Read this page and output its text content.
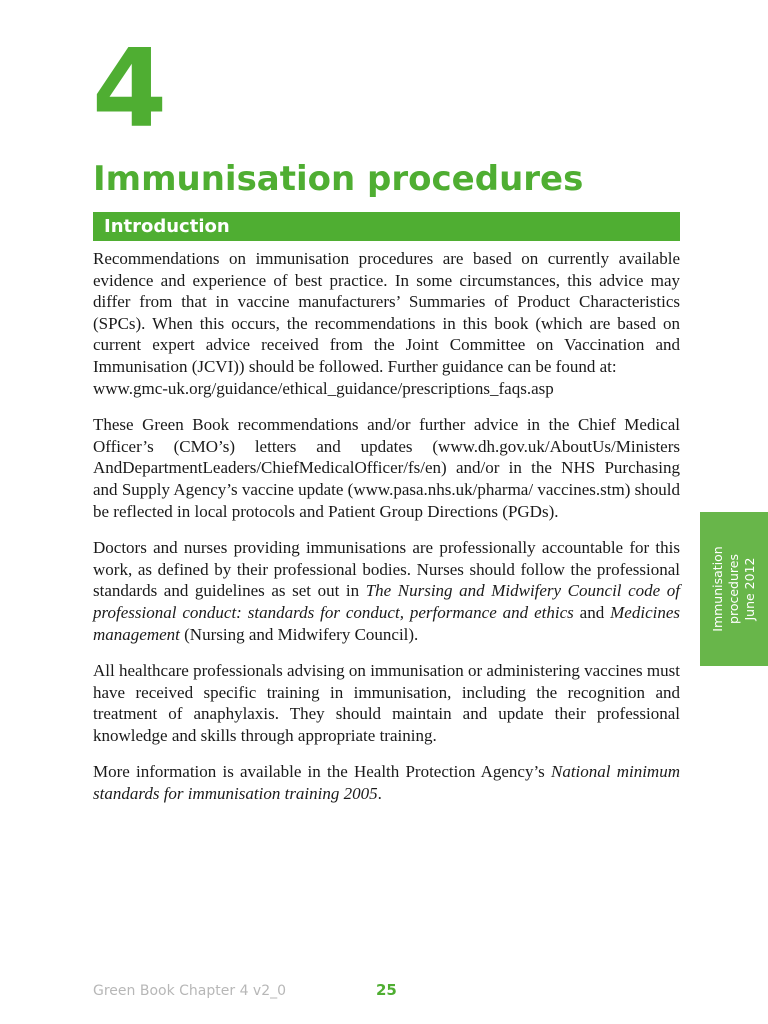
4
Immunisation procedures
Introduction

Recommendations on immunisation procedures are based on currently available evidence and experience of best practice. In some circumstances, this advice may differ from that in vaccine manufacturers’ Summaries of Product Characteristics (SPCs). When this occurs, the recommendations in this book (which are based on current expert advice received from the Joint Committee on Vaccination and Immunisation (JCVI)) should be followed. Further guidance can be found at:
www.gmc-uk.org/guidance/ethical_guidance/prescriptions_faqs.asp

These Green Book recommendations and/or further advice in the Chief Medical Officer’s (CMO’s) letters and updates (www.dh.gov.uk/AboutUs/Ministers AndDepartmentLeaders/ChiefMedicalOfficer/fs/en) and/or in the NHS Purchasing and Supply Agency’s vaccine update (www.pasa.nhs.uk/pharma/ vaccines.stm) should be reflected in local protocols and Patient Group Directions (PGDs).

Doctors and nurses providing immunisations are professionally accountable for this work, as defined by their professional bodies. Nurses should follow the professional standards and guidelines as set out in The Nursing and Midwifery Council code of professional conduct: standards for conduct, performance and ethics and Medicines management (Nursing and Midwifery Council).

All healthcare professionals advising on immunisation or administering vaccines must have received specific training in immunisation, including the recognition and treatment of anaphylaxis. They should maintain and update their professional knowledge and skills through appropriate training.

More information is available in the Health Protection Agency’s National minimum standards for immunisation training 2005.

Immunisation procedures June 2012
Green Book Chapter 4 v2_0	25
